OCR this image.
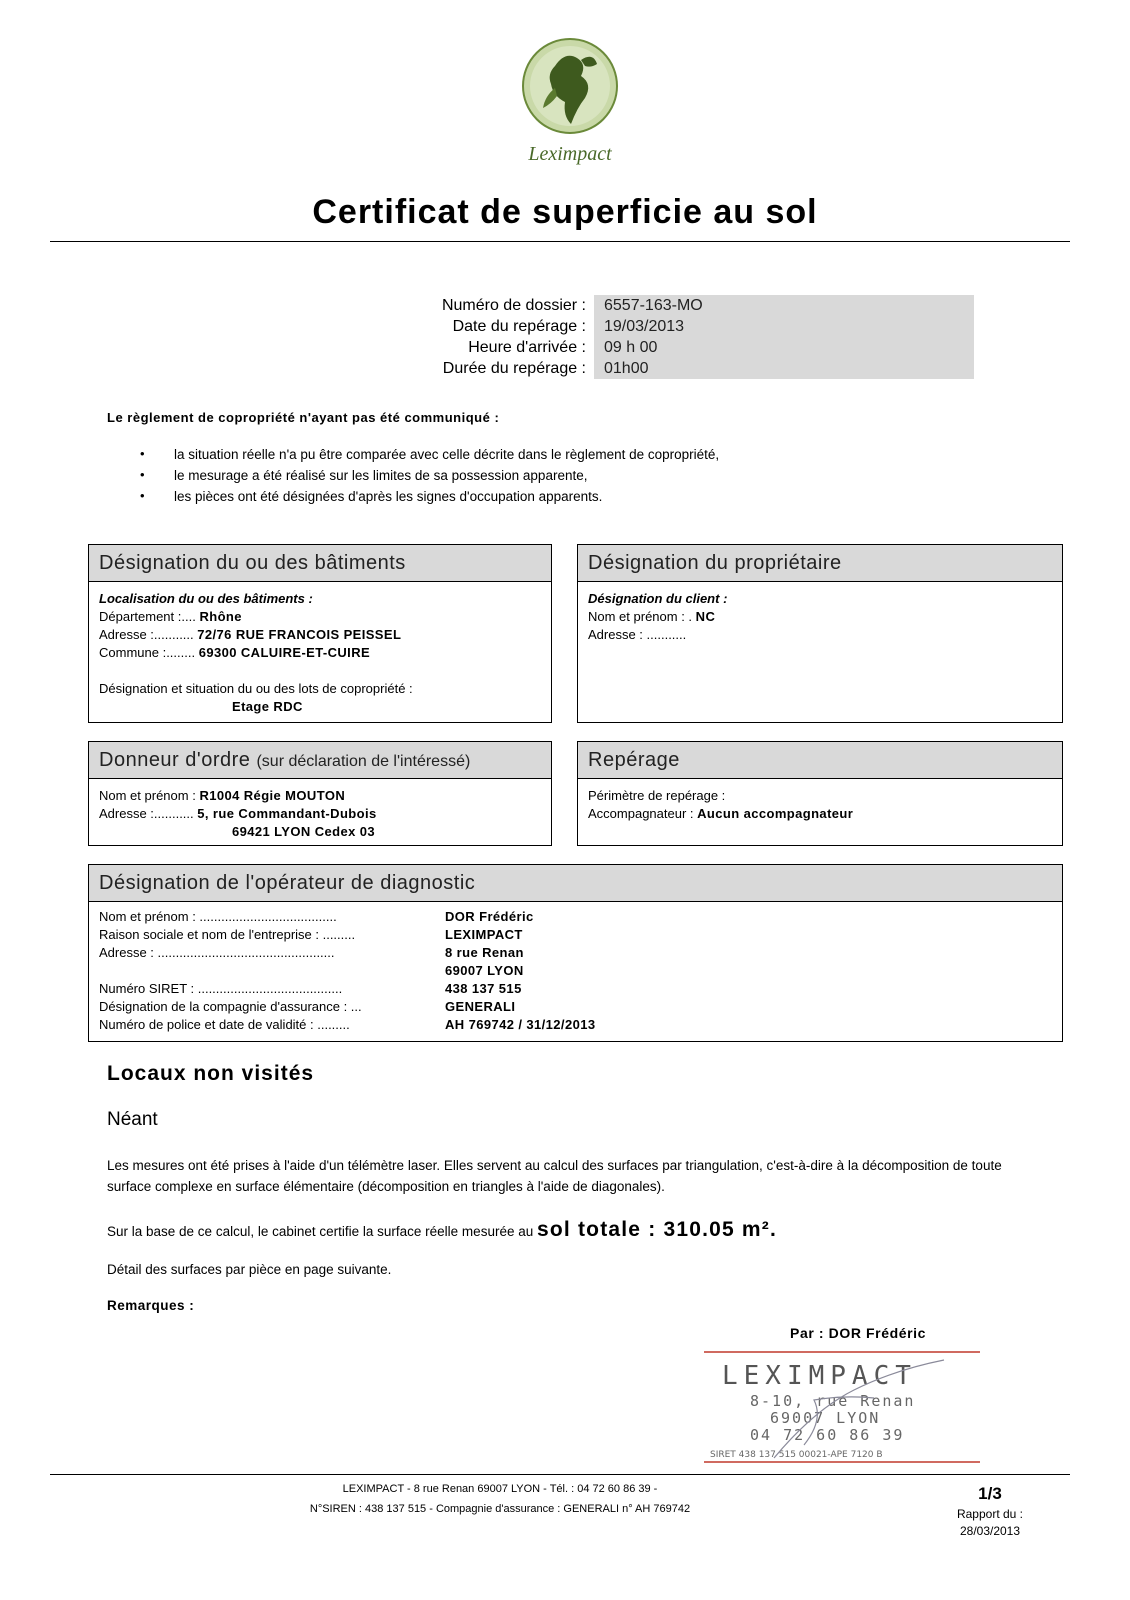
Leximpact
Certificat de superficie au sol
Numéro de dossier :	6557-163-MO
Date du repérage :	19/03/2013
Heure d'arrivée :	09 h 00
Durée du repérage :	01h00
Le règlement de copropriété n'ayant pas été communiqué :
• la situation réelle n'a pu être comparée avec celle décrite dans le règlement de copropriété,
• le mesurage a été réalisé sur les limites de sa possession apparente,
• les pièces ont été désignées d'après les signes d'occupation apparents.
Désignation du ou des bâtiments
Localisation du ou des bâtiments :
Département :.... Rhône
Adresse :........... 72/76 RUE FRANCOIS PEISSEL
Commune :........ 69300 CALUIRE-ET-CUIRE
Désignation et situation du ou des lots de copropriété :
Etage RDC
Désignation du propriétaire
Désignation du client :
Nom et prénom : . NC
Adresse : ...........
Donneur d'ordre (sur déclaration de l'intéressé)
Nom et prénom : R1004 Régie MOUTON
Adresse :........... 5, rue Commandant-Dubois
69421 LYON Cedex 03
Repérage
Périmètre de repérage :
Accompagnateur : Aucun accompagnateur
Désignation de l'opérateur de diagnostic
Nom et prénom : ......................................	DOR Frédéric
Raison sociale et nom de l'entreprise : .........	LEXIMPACT
Adresse : .................................................	8 rue Renan
69007 LYON
Numéro SIRET : ........................................	438 137 515
Désignation de la compagnie d'assurance : ...	GENERALI
Numéro de police et date de validité : .........	AH 769742 / 31/12/2013
Locaux non visités
Néant
Les mesures ont été prises à l'aide d'un télémètre laser. Elles servent au calcul des surfaces par triangulation, c'est-à-dire à la décomposition de toute surface complexe en surface élémentaire (décomposition en triangles à l'aide de diagonales).
Sur la base de ce calcul, le cabinet certifie la surface réelle mesurée au sol totale : 310.05 m².
Détail des surfaces par pièce en page suivante.
Remarques :
Par : DOR Frédéric
LEXIMPACT
8-10, rue Renan
69007 LYON
04 72 60 86 39
SIRET 438 137 515 00021-APE 7120 B
LEXIMPACT - 8 rue Renan 69007 LYON - Tél. : 04 72 60 86 39 -
N°SIREN : 438 137 515 - Compagnie d'assurance : GENERALI n° AH 769742
1/3
Rapport du :
28/03/2013
